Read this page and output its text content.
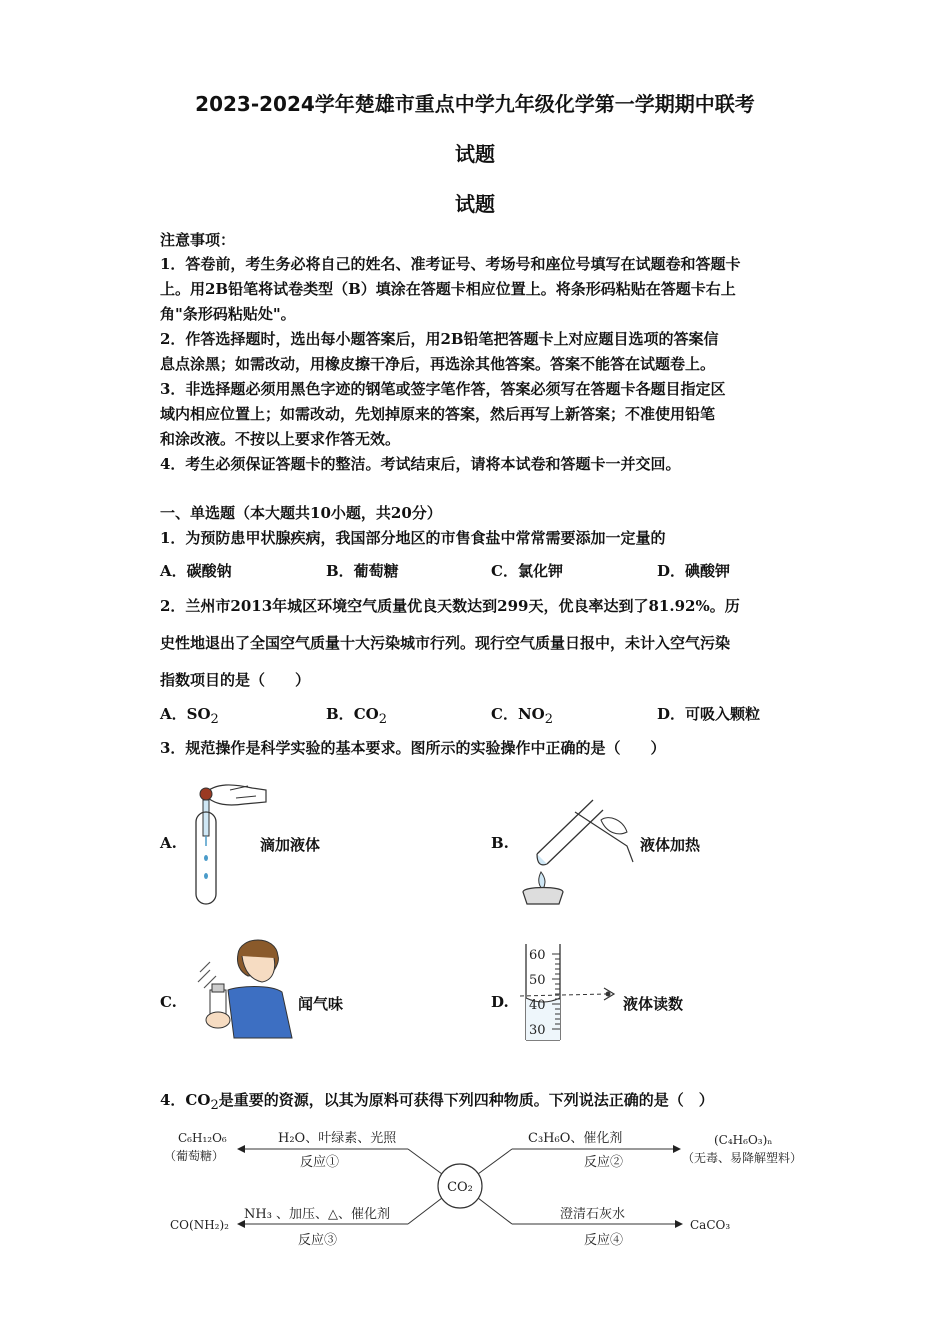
2023-2024学年楚雄市重点中学九年级化学第一学期期中联考
试题
试题
注意事项：
1．答卷前，考生务必将自己的姓名、准考证号、考场号和座位号填写在试题卷和答题卡
上。用2B铅笔将试卷类型（B）填涂在答题卡相应位置上。将条形码粘贴在答题卡右上
角"条形码粘贴处"。
2．作答选择题时，选出每小题答案后，用2B铅笔把答题卡上对应题目选项的答案信
息点涂黑；如需改动，用橡皮擦干净后，再选涂其他答案。答案不能答在试题卷上。
3．非选择题必须用黑色字迹的钢笔或签字笔作答，答案必须写在答题卡各题目指定区
域内相应位置上；如需改动，先划掉原来的答案，然后再写上新答案；不准使用铅笔
和涂改液。不按以上要求作答无效。
4．考生必须保证答题卡的整洁。考试结束后，请将本试卷和答题卡一并交回。
一、单选题（本大题共10小题，共20分）
1．为预防患甲状腺疾病，我国部分地区的市售食盐中常常需要添加一定量的
A．碳酸钠	B．葡萄糖	C．氯化钾	D．碘酸钾
2．兰州市2013年城区环境空气质量优良天数达到299天，优良率达到了81.92%。历
史性地退出了全国空气质量十大污染城市行列。现行空气质量日报中，未计入空气污染
指数项目的是（　　）
A．$SO_2$	B．$CO_2$	C．$NO_2$	D．可吸入颗粒
3．规范操作是科学实验的基本要求。图所示的实验操作中正确的是（　　）
A.	滴加液体	B.	液体加热
C.	闻气味	D.
60
50
40
30
液体读数
4．$CO_2$是重要的资源，以其为原料可获得下列四种物质。下列说法正确的是（　）
CO₂
C₆H₁₂O₆
（葡萄糖）
H₂O、叶绿素、光照
反应①
C₃H₆O、催化剂
反应②
(C₄H₆O₃)ₙ
（无毒、易降解塑料）
CO(NH₂)₂
NH₃ 、加压、△、催化剂
反应③
澄清石灰水
反应④
CaCO₃
